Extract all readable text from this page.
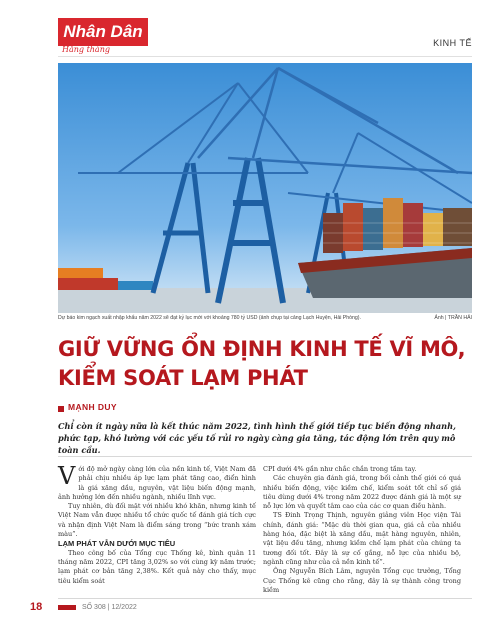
Nhân Dân
Hằng tháng
KINH TẾ
Dự báo kim ngạch xuất nhập khẩu năm 2022 sẽ đạt kỷ lục mới với khoảng 780 tỷ USD (ảnh chụp tại cảng Lạch Huyện, Hải Phòng).	Ảnh | TRẦN HẢI
GIỮ VỮNG ỔN ĐỊNH KINH TẾ VĨ MÔ, KIỂM SOÁT LẠM PHÁT
MẠNH DUY
Chỉ còn ít ngày nữa là kết thúc năm 2022, tình hình thế giới tiếp tục biến động nhanh, phức tạp, khó lường với các yếu tố rủi ro ngày càng gia tăng, tác động lớn trên quy mô toàn cầu.

Với độ mở ngày càng lớn của nền kinh tế, Việt Nam đã phải chịu nhiều áp lực lạm phát tăng cao, điển hình là giá xăng dầu, nguyên, vật liệu biến động mạnh, ảnh hưởng lớn đến nhiều ngành, nhiều lĩnh vực.

Tuy nhiên, dù đối mặt với nhiều khó khăn, nhưng kinh tế Việt Nam vẫn được nhiều tổ chức quốc tế đánh giá tích cực và nhận định Việt Nam là điểm sáng trong “bức tranh xám màu”.

LẠM PHÁT VẪN DƯỚI MỤC TIÊU

Theo công bố của Tổng cục Thống kê, bình quân 11 tháng năm 2022, CPI tăng 3,02% so với cùng kỳ năm trước; lạm phát cơ bản tăng 2,38%. Kết quả này cho thấy, mục tiêu kiểm soát

CPI dưới 4% gần như chắc chắn trong tầm tay.

Các chuyên gia đánh giá, trong bối cảnh thế giới có quá nhiều biến động, việc kiềm chế, kiểm soát tốt chỉ số giá tiêu dùng dưới 4% trong năm 2022 được đánh giá là một sự nỗ lực lớn và quyết tâm cao của các cơ quan điều hành.

TS Đinh Trọng Thịnh, nguyên giảng viên Học viện Tài chính, đánh giá: “Mặc dù thời gian qua, giá cả của nhiều hàng hóa, đặc biệt là xăng dầu, mặt hàng nguyên, nhiên, vật liệu đều tăng, nhưng kiềm chế lạm phát của chúng ta tương đối tốt. Đây là sự cố gắng, nỗ lực của nhiều bộ, ngành cũng như của cả nền kinh tế”.

Ông Nguyễn Bích Lâm, nguyên Tổng cục trưởng, Tổng Cục Thống kê cũng cho rằng, đây là sự thành công trong kiềm

18	SỐ 308 | 12/2022
